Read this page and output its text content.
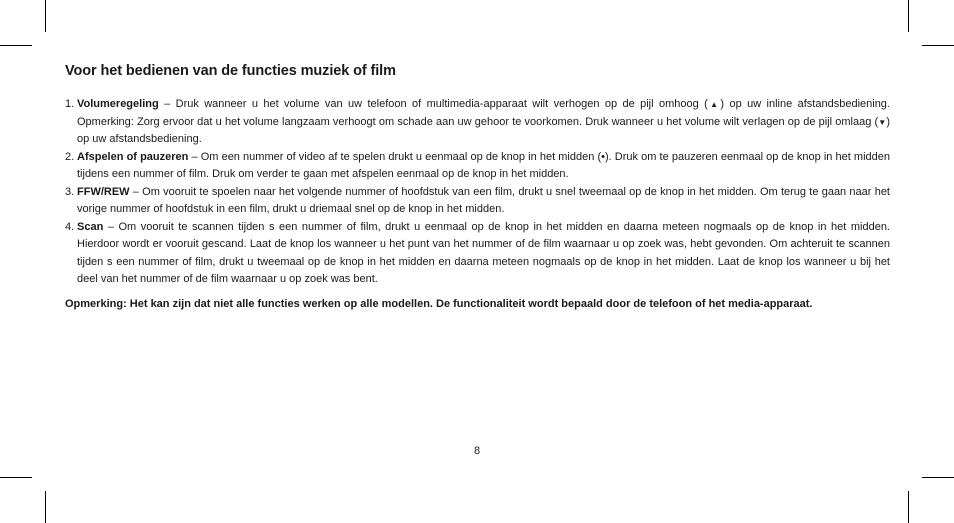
Voor het bedienen van de functies muziek of film
1. Volumeregeling – Druk wanneer u het volume van uw telefoon of multimedia-apparaat wilt verhogen op de pijl omhoog (▲) op uw inline afstandsbediening. Opmerking: Zorg ervoor dat u het volume langzaam verhoogt om schade aan uw gehoor te voorkomen. Druk wanneer u het volume wilt verlagen op de pijl omlaag (▼) op uw afstandsbediening.
2. Afspelen of pauzeren – Om een nummer of video af te spelen drukt u eenmaal op de knop in het midden (•). Druk om te pauzeren eenmaal op de knop in het midden tijdens een nummer of film. Druk om verder te gaan met afspelen eenmaal op de knop in het midden.
3. FFW/REW – Om vooruit te spoelen naar het volgende nummer of hoofdstuk van een film, drukt u snel tweemaal op de knop in het midden. Om terug te gaan naar het vorige nummer of hoofdstuk in een film, drukt u driemaal snel op de knop in het midden.
4. Scan – Om vooruit te scannen tijden s een nummer of film, drukt u eenmaal op de knop in het midden en daarna meteen nogmaals op de knop in het midden. Hierdoor wordt er vooruit gescand. Laat de knop los wanneer u het punt van het nummer of de film waarnaar u op zoek was, hebt gevonden. Om achteruit te scannen tijden s een nummer of film, drukt u tweemaal op de knop in het midden en daarna meteen nogmaals op de knop in het midden. Laat de knop los wanneer u bij het deel van het nummer of de film waarnaar u op zoek was bent.

Opmerking: Het kan zijn dat niet alle functies werken op alle modellen. De functionaliteit wordt bepaald door de telefoon of het media-apparaat.

8
